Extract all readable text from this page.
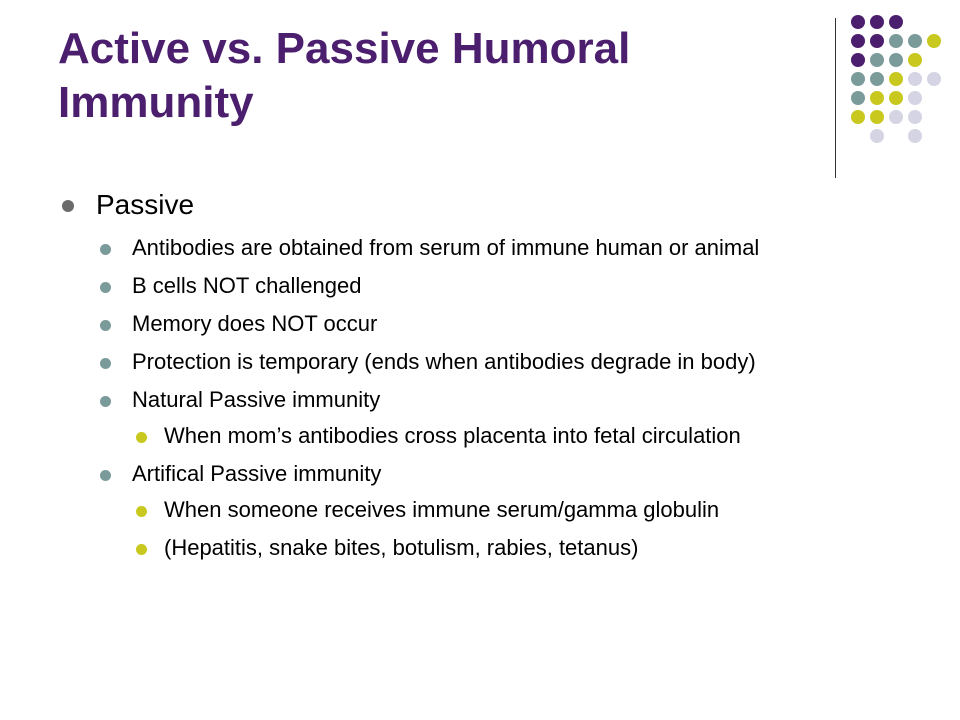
Active vs. Passive Humoral Immunity
Passive
Antibodies are obtained from serum of immune human or animal
B cells NOT challenged
Memory does NOT occur
Protection is temporary (ends when antibodies degrade in body)
Natural Passive immunity
When mom’s antibodies cross placenta into fetal circulation
Artifical Passive immunity
When someone receives immune serum/gamma globulin
(Hepatitis, snake bites, botulism, rabies, tetanus)
